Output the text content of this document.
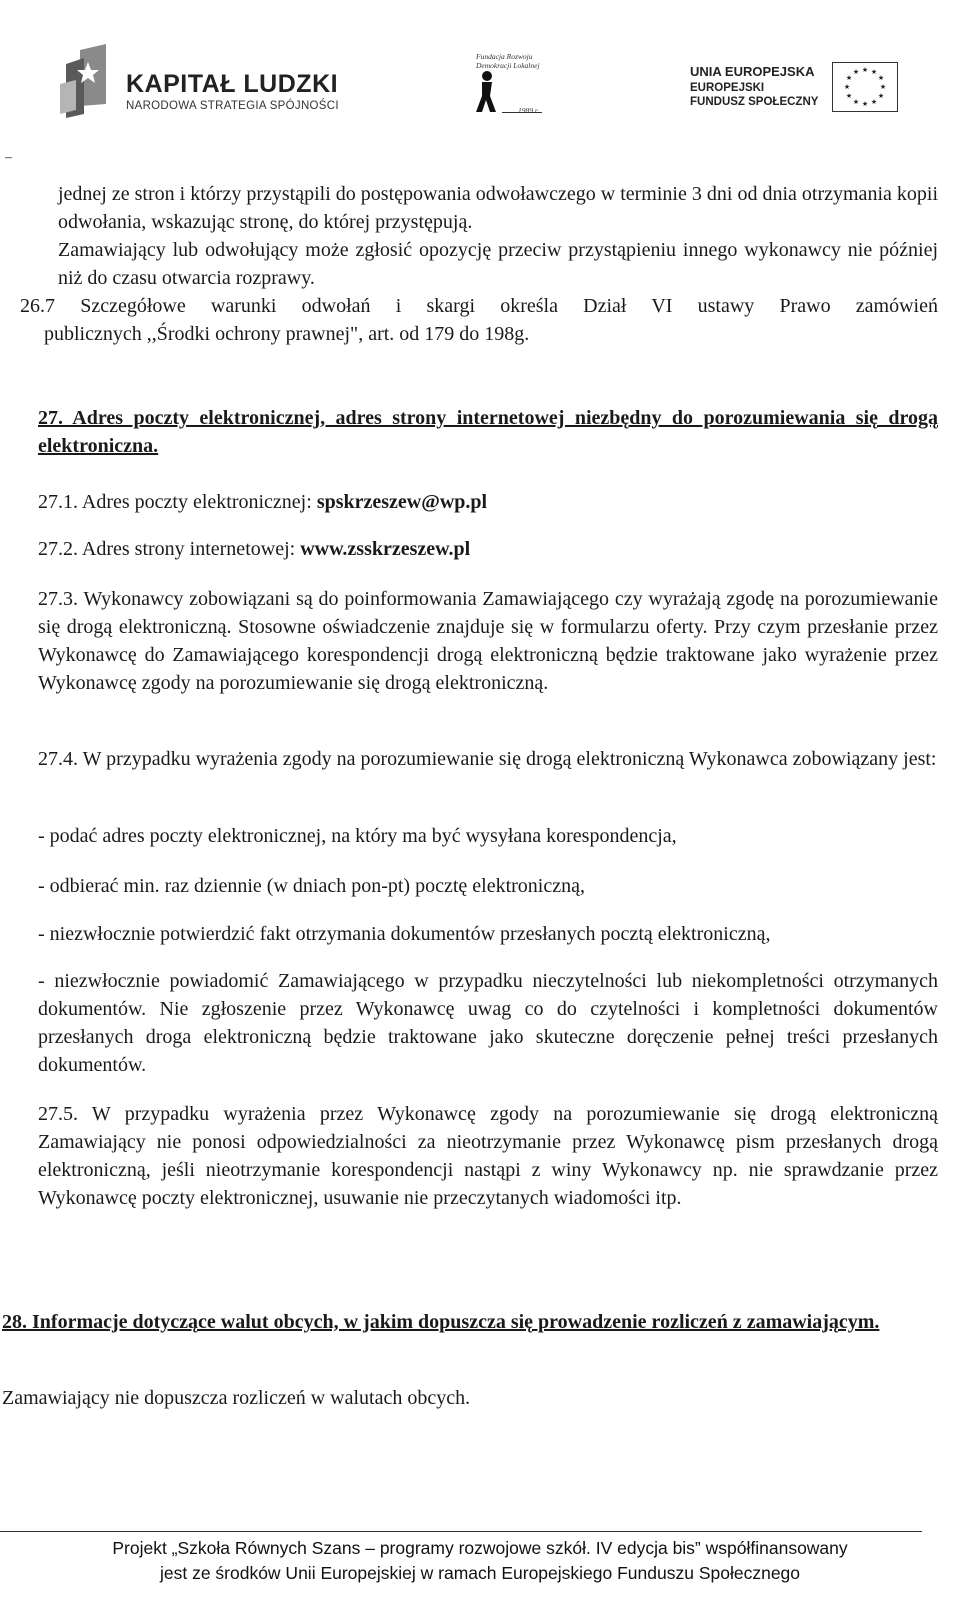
KAPITAŁ LUDZKI
NARODOWA STRATEGIA SPÓJNOŚCI
Fundacja Rozwoju
Demokracji Lokalnej
1989 r.
UNIA EUROPEJSKA
EUROPEJSKI
FUNDUSZ SPOŁECZNY
★ ★
★
★
★
★
★
★
★
★
★
★
–

jednej ze stron i którzy przystąpili do postępowania odwoławczego w terminie 3 dni od dnia otrzymania kopii odwołania, wskazując stronę, do której przystępują.

Zamawiający lub odwołujący może zgłosić opozycję przeciw przystąpieniu innego wykonawcy nie później niż do czasu otwarcia rozprawy.

26.7 Szczegółowe warunki odwołań i skargi określa Dział VI ustawy Prawo zamówień

publicznych ,,Środki ochrony prawnej", art. od 179 do 198g.

27. Adres poczty elektronicznej, adres strony internetowej niezbędny do porozumiewania się drogą elektroniczna.

27.1. Adres poczty elektronicznej: spskrzeszew@wp.pl

27.2. Adres strony internetowej: www.zsskrzeszew.pl

27.3. Wykonawcy zobowiązani są do poinformowania Zamawiającego czy wyrażają zgodę na porozumiewanie się drogą elektroniczną. Stosowne oświadczenie znajduje się w formularzu oferty. Przy czym przesłanie przez Wykonawcę do Zamawiającego korespondencji drogą elektroniczną będzie traktowane jako wyrażenie przez Wykonawcę zgody na porozumiewanie się drogą elektroniczną.

27.4. W przypadku wyrażenia zgody na porozumiewanie się drogą elektroniczną Wykonawca zobowiązany jest:

- podać adres poczty elektronicznej, na który ma być wysyłana korespondencja,

- odbierać min. raz dziennie (w dniach pon-pt) pocztę elektroniczną,

- niezwłocznie potwierdzić fakt otrzymania dokumentów przesłanych pocztą elektroniczną,

- niezwłocznie powiadomić Zamawiającego w przypadku nieczytelności lub niekompletności otrzymanych dokumentów. Nie zgłoszenie przez Wykonawcę uwag co do czytelności i kompletności dokumentów przesłanych droga elektroniczną będzie traktowane jako skuteczne doręczenie pełnej treści przesłanych dokumentów.

27.5. W przypadku wyrażenia przez Wykonawcę zgody na porozumiewanie się drogą elektroniczną Zamawiający nie ponosi odpowiedzialności za nieotrzymanie przez Wykonawcę pism przesłanych drogą elektroniczną, jeśli nieotrzymanie korespondencji nastąpi z winy Wykonawcy np. nie sprawdzanie przez Wykonawcę poczty elektronicznej, usuwanie nie przeczytanych wiadomości itp.

28. Informacje dotyczące walut obcych, w jakim dopuszcza się prowadzenie rozliczeń z zamawiającym.

Zamawiający nie dopuszcza rozliczeń w walutach obcych.

Projekt „Szkoła Równych Szans – programy rozwojowe szkół. IV edycja bis” współfinansowany
jest ze środków Unii Europejskiej w ramach Europejskiego Funduszu Społecznego
